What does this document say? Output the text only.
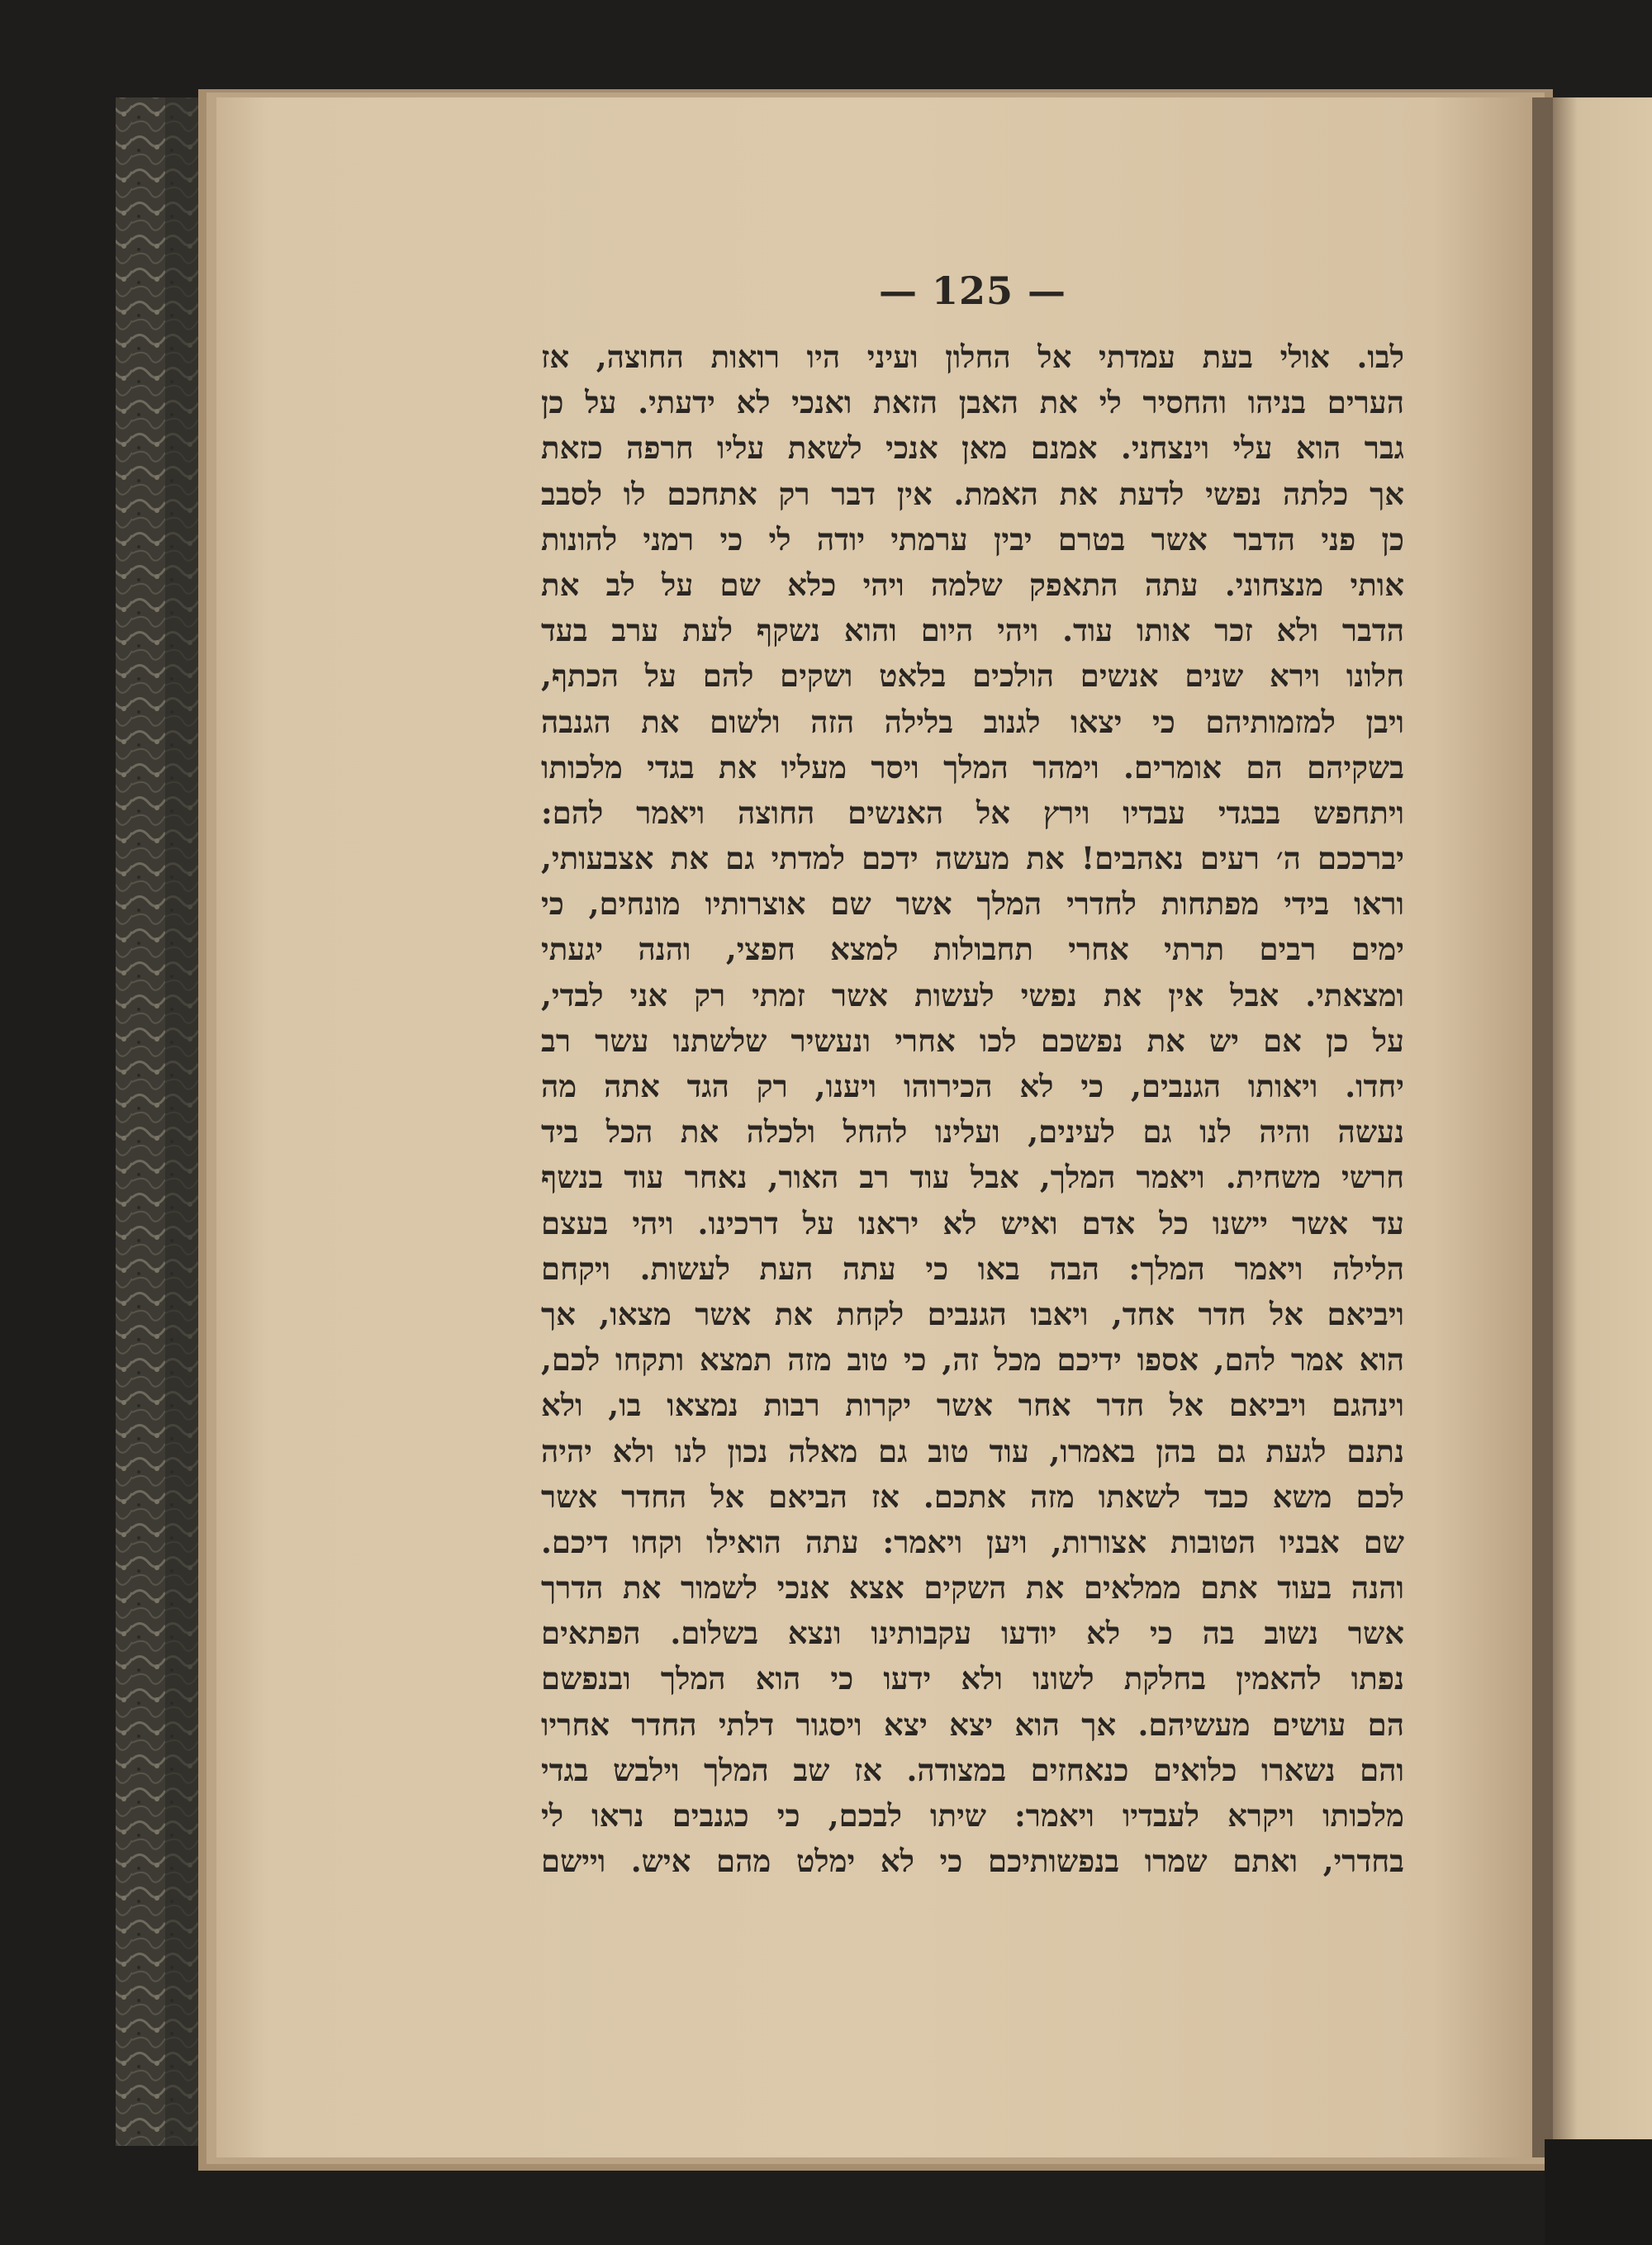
— 125 —
לבו. אולי בעת עמדתי אל החלון ועיני היו רואות החוצה, אז
הערים בניהו והחסיר לי את האבן הזאת ואנכי לא ידעתי. על כן
גבר הוא עלי וינצחני. אמנם מאן אנכי לשאת עליו חרפה כזאת
אך כלתה נפשי לדעת את האמת. אין דבר רק אתחכם לו לסבב
כן פני הדבר אשר בטרם יבין ערמתי יודה לי כי רמני להונות
אותי מנצחוני. עתה התאפק שלמה ויהי כלא שם על לב את
הדבר ולא זכר אותו עוד. ויהי היום והוא נשקף לעת ערב בעד
חלונו וירא שנים אנשים הולכים בלאט ושקים להם על הכתף,
ויבן למזמותיהם כי יצאו לגנוב בלילה הזה ולשום את הגנבה
בשקיהם הם אומרים. וימהר המלך ויסר מעליו את בגדי מלכותו
ויתחפש בבגדי עבדיו וירץ אל האנשים החוצה ויאמר להם:
יברככם ה׳ רעים נאהבים! את מעשה ידכם למדתי גם את אצבעותי,
וראו בידי מפתחות לחדרי המלך אשר שם אוצרותיו מונחים, כי
ימים רבים תרתי אחרי תחבולות למצא חפצי, והנה יגעתי
ומצאתי. אבל אין את נפשי לעשות אשר זמתי רק אני לבדי,
על כן אם יש את נפשכם לכו אחרי ונעשיר שלשתנו עשר רב
יחדו. ויאותו הגנבים, כי לא הכירוהו ויענו, רק הגד אתה מה
נעשה והיה לנו גם לעינים, ועלינו להחל ולכלה את הכל ביד
חרשי משחית. ויאמר המלך, אבל עוד רב האור, נאחר עוד בנשף
עד אשר יישנו כל אדם ואיש לא יראנו על דרכינו. ויהי בעצם
הלילה ויאמר המלך: הבה באו כי עתה העת לעשות. ויקחם
ויביאם אל חדר אחד, ויאבו הגנבים לקחת את אשר מצאו, אך
הוא אמר להם, אספו ידיכם מכל זה, כי טוב מזה תמצא ותקחו לכם,
וינהגם ויביאם אל חדר אחר אשר יקרות רבות נמצאו בו, ולא
נתנם לגעת גם בהן באמרו, עוד טוב גם מאלה נכון לנו ולא יהיה
לכם משא כבד לשאתו מזה אתכם. אז הביאם אל החדר אשר
שם אבניו הטובות אצורות, ויען ויאמר: עתה הואילו וקחו דיכם.
והנה בעוד אתם ממלאים את השקים אצא אנכי לשמור את הדרך
אשר נשוב בה כי לא יודעו עקבותינו ונצא בשלום. הפתאים
נפתו להאמין בחלקת לשונו ולא ידעו כי הוא המלך ובנפשם
הם עושים מעשיהם. אך הוא יצא יצא ויסגור דלתי החדר אחריו
והם נשארו כלואים כנאחזים במצודה. אז שב המלך וילבש בגדי
מלכותו ויקרא לעבדיו ויאמר: שיתו לבכם, כי כגנבים נראו לי
בחדרי, ואתם שמרו בנפשותיכם כי לא ימלט מהם איש. ויישם
